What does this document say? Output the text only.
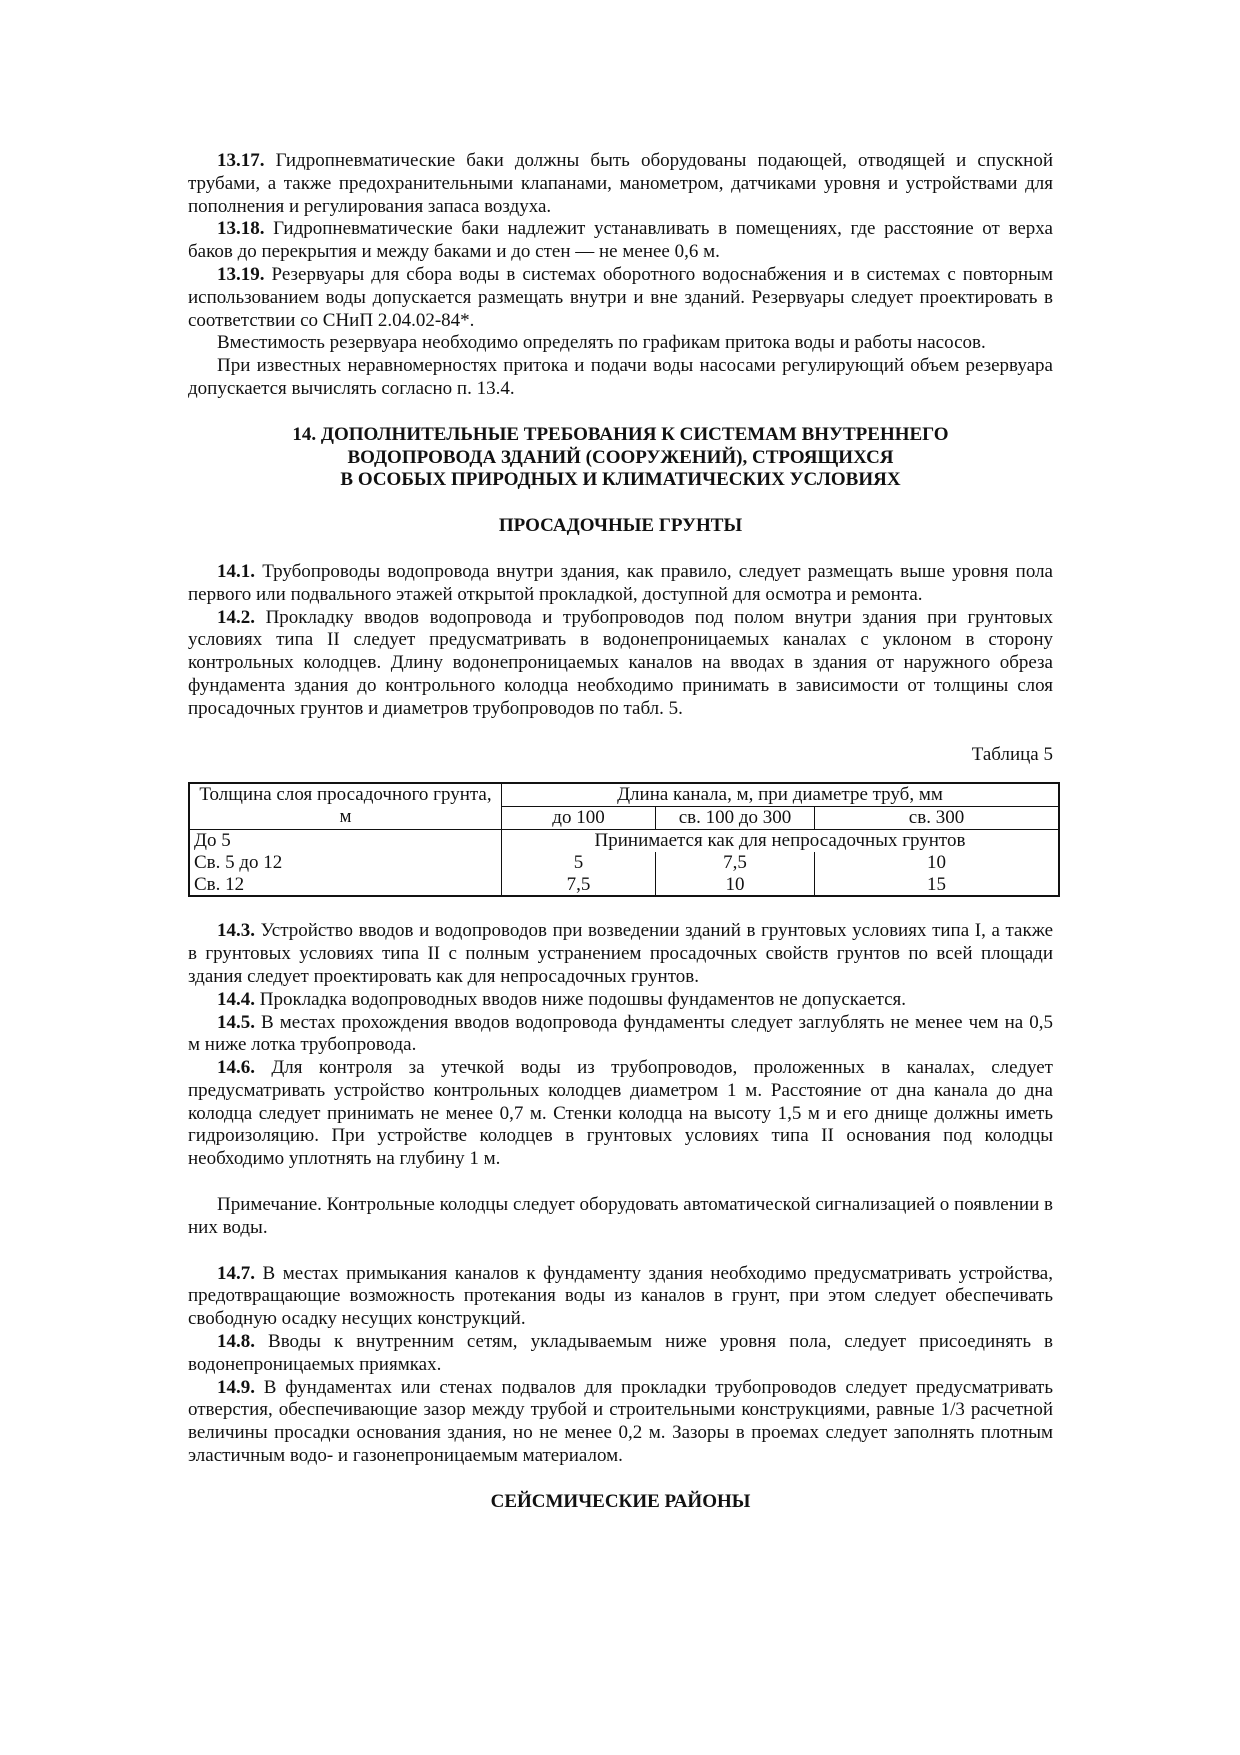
13.17. Гидропневматические баки должны быть оборудованы подающей, отводящей и спускной трубами, а также предохранительными клапанами, манометром, датчиками уровня и устройствами для пополнения и регулирования запаса воздуха.

13.18. Гидропневматические баки надлежит устанавливать в помещениях, где расстояние от верха баков до перекрытия и между баками и до стен — не менее 0,6 м.

13.19. Резервуары для сбора воды в системах оборотного водоснабжения и в системах с повторным использованием воды допускается размещать внутри и вне зданий. Резервуары следует проектировать в соответствии со СНиП 2.04.02-84*.

Вместимость резервуара необходимо определять по графикам притока воды и работы насосов.

При известных неравномерностях притока и подачи воды насосами регулирующий объем резервуара допускается вычислять согласно п. 13.4.

14. ДОПОЛНИТЕЛЬНЫЕ ТРЕБОВАНИЯ К СИСТЕМАМ ВНУТРЕННЕГО
ВОДОПРОВОДА ЗДАНИЙ (СООРУЖЕНИЙ), СТРОЯЩИХСЯ
В ОСОБЫХ ПРИРОДНЫХ И КЛИМАТИЧЕСКИХ УСЛОВИЯХ
ПРОСАДОЧНЫЕ ГРУНТЫ

14.1. Трубопроводы водопровода внутри здания, как правило, следует размещать выше уровня пола первого или подвального этажей открытой прокладкой, доступной для осмотра и ремонта.

14.2. Прокладку вводов водопровода и трубопроводов под полом внутри здания при грунтовых условиях типа II следует предусматривать в водонепроницаемых каналах с уклоном в сторону контрольных колодцев. Длину водонепроницаемых каналов на вводах в здания от наружного обреза фундамента здания до контрольного колодца необходимо принимать в зависимости от толщины слоя просадочных грунтов и диаметров трубопроводов по табл. 5.

Таблица 5

Толщина слоя просадочного грунта, м	Длина канала, м, при диаметре труб, мм		
	до 100	св. 100 до 300	св. 300
До 5	Принимается как для непросадочных грунтов		
Св. 5 до 12	5	7,5	10
Св. 12	7,5	10	15

14.3. Устройство вводов и водопроводов при возведении зданий в грунтовых условиях типа I, а также в грунтовых условиях типа II с полным устранением просадочных свойств грунтов по всей площади здания следует проектировать как для непросадочных грунтов.

14.4. Прокладка водопроводных вводов ниже подошвы фундаментов не допускается.

14.5. В местах прохождения вводов водопровода фундаменты следует заглублять не менее чем на 0,5 м ниже лотка трубопровода.

14.6. Для контроля за утечкой воды из трубопроводов, проложенных в каналах, следует предусматривать устройство контрольных колодцев диаметром 1 м. Расстояние от дна канала до дна колодца следует принимать не менее 0,7 м. Стенки колодца на высоту 1,5 м и его днище должны иметь гидроизоляцию. При устройстве колодцев в грунтовых условиях типа II основания под колодцы необходимо уплотнять на глубину 1 м.

Примечание. Контрольные колодцы следует оборудовать автоматической сигнализацией о появлении в них воды.

14.7. В местах примыкания каналов к фундаменту здания необходимо предусматривать устройства, предотвращающие возможность протекания воды из каналов в грунт, при этом следует обеспечивать свободную осадку несущих конструкций.

14.8. Вводы к внутренним сетям, укладываемым ниже уровня пола, следует присоединять в водонепроницаемых приямках.

14.9. В фундаментах или стенах подвалов для прокладки трубопроводов следует предусматривать отверстия, обеспечивающие зазор между трубой и строительными конструкциями, равные 1/3 расчетной величины просадки основания здания, но не менее 0,2 м. Зазоры в проемах следует заполнять плотным эластичным водо- и газонепроницаемым материалом.

СЕЙСМИЧЕСКИЕ РАЙОНЫ
